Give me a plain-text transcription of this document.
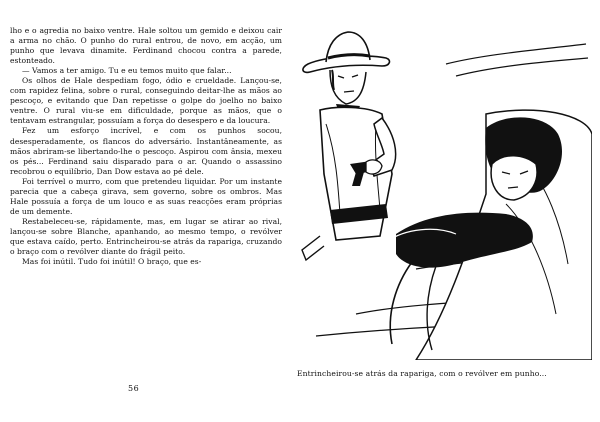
lho e o agredia no baixo ventre. Hale soltou um gemido e deixou cair a arma no chão. O punho do rural entrou, de novo, em acção, um punho que levava dinamite. Ferdinand chocou contra a parede, estonteado.

— Vamos a ter amigo. Tu e eu temos muito que falar...

Os olhos de Hale despediam fogo, ódio e crueldade. Lançou-se, com rapidez felina, sobre o rural, conseguindo deitar-lhe as mãos ao pescoço, e evitando que Dan repetisse o golpe do joelho no baixo ventre. O rural viu-se em dificuldade, porque as mãos, que o tentavam estrangular, possuíam a força do desespero e da loucura.

Fez um esforço incrível, e com os punhos socou, desesperadamente, os flancos do adversário. Instantâneamente, as mãos abriram-se libertando-lhe o pescoço. Aspirou com ânsia, mexeu os pés... Ferdinand saiu disparado para o ar. Quando o assassino recobrou o equilíbrio, Dan Dow estava ao pé dele.

Foi terrível o murro, com que pretendeu liquidar. Por um instante parecia que a cabeça girava, sem governo, sobre os ombros. Mas Hale possuía a força de um louco e as suas reacções eram próprias de um demente.

Restabeleceu-se, rápidamente, mas, em lugar se atirar ao rival, lançou-se sobre Blanche, apanhando, ao mesmo tempo, o revólver que estava caído, perto. Entrincheirou-se atrás da rapariga, cruzando o braço com o revólver diante do frágil peito.

Mas foi inútil. Tudo foi inútil! O braço, que es-

56
Entrincheirou-se atrás da rapariga, com o revólver em punho...
